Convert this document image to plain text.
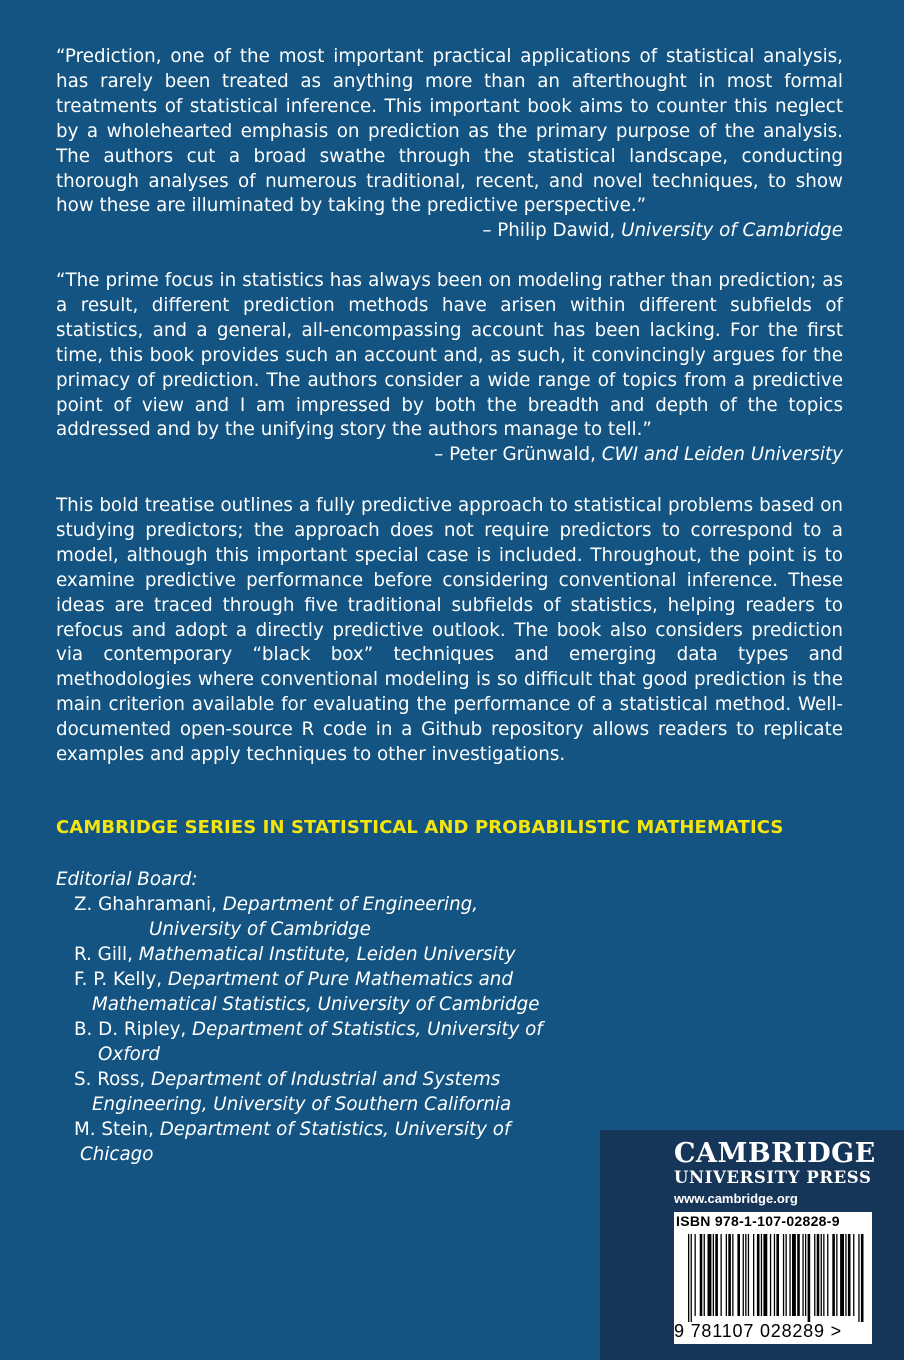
“Prediction, one of the most important practical applications of statistical analysis, has rarely been treated as anything more than an afterthought in most formal treatments of statistical inference. This important book aims to counter this neglect by a wholehearted emphasis on prediction as the primary purpose of the analysis. The authors cut a broad swathe through the statistical landscape, conducting thorough analyses of numerous traditional, recent, and novel techniques, to show how these are illuminated by taking the predictive perspective.”

– Philip Dawid, University of Cambridge

“The prime focus in statistics has always been on modeling rather than prediction; as a result, different prediction methods have arisen within different subfields of statistics, and a general, all-encompassing account has been lacking. For the first time, this book provides such an account and, as such, it convincingly argues for the primacy of prediction. The authors consider a wide range of topics from a predictive point of view and I am impressed by both the breadth and depth of the topics addressed and by the unifying story the authors manage to tell.”

– Peter Grünwald, CWI and Leiden University

This bold treatise outlines a fully predictive approach to statistical problems based on studying predictors; the approach does not require predictors to correspond to a model, although this important special case is included. Throughout, the point is to examine predictive performance before considering conventional inference. These ideas are traced through five traditional subfields of statistics, helping readers to refocus and adopt a directly predictive outlook. The book also considers prediction via contemporary “black box” techniques and emerging data types and methodologies where conventional modeling is so difficult that good prediction is the main criterion available for evaluating the performance of a statistical method. Well-documented open-source R code in a Github repository allows readers to replicate examples and apply techniques to other investigations.

CAMBRIDGE SERIES IN STATISTICAL AND PROBABILISTIC MATHEMATICS
Editorial Board:
Z. Ghahramani, Department of Engineering,
University of Cambridge
R. Gill, Mathematical Institute, Leiden University
F. P. Kelly, Department of Pure Mathematics and
Mathematical Statistics, University of Cambridge
B. D. Ripley, Department of Statistics, University of
Oxford
S. Ross, Department of Industrial and Systems
Engineering, University of Southern California
M. Stein, Department of Statistics, University of
Chicago	CAMBRIDGE
UNIVERSITY PRESS
www.cambridge.org
ISBN 978-1-107-02828-9
9 781107 028289 >
